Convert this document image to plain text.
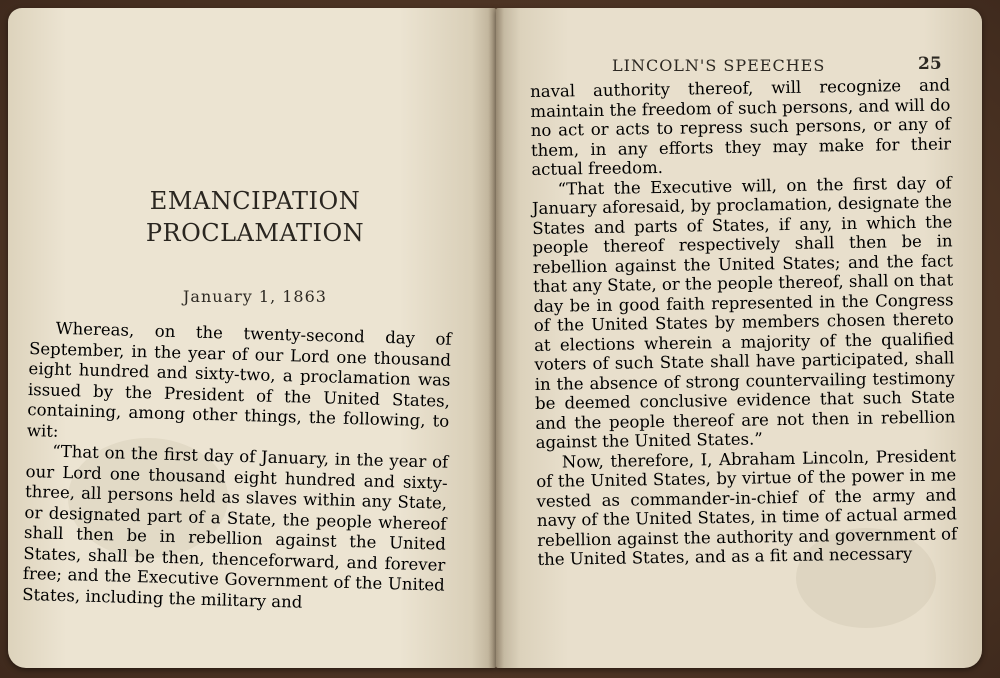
EMANCIPATION PROCLAMATION
January 1, 1863

Whereas, on the twenty-second day of September, in the year of our Lord one thousand eight hundred and sixty-two, a proclamation was issued by the President of the United States, containing, among other things, the following, to wit:

“That on the first day of January, in the year of our Lord one thousand eight hundred and sixty-three, all persons held as slaves within any State, or designated part of a State, the people whereof shall then be in rebellion against the United States, shall be then, thenceforward, and forever free; and the Executive Government of the United States, including the military and

LINCOLN'S SPEECHES	25

naval authority thereof, will recognize and maintain the freedom of such persons, and will do no act or acts to repress such persons, or any of them, in any efforts they may make for their actual freedom.

“That the Executive will, on the first day of January aforesaid, by proclamation, designate the States and parts of States, if any, in which the people thereof respectively shall then be in rebellion against the United States; and the fact that any State, or the people thereof, shall on that day be in good faith represented in the Congress of the United States by members chosen thereto at elections wherein a majority of the qualified voters of such State shall have participated, shall in the absence of strong countervailing testimony be deemed conclusive evidence that such State and the people thereof are not then in rebellion against the United States.”

Now, therefore, I, Abraham Lincoln, President of the United States, by virtue of the power in me vested as commander-in-chief of the army and navy of the United States, in time of actual armed rebellion against the authority and government of the United States, and as a fit and necessary
